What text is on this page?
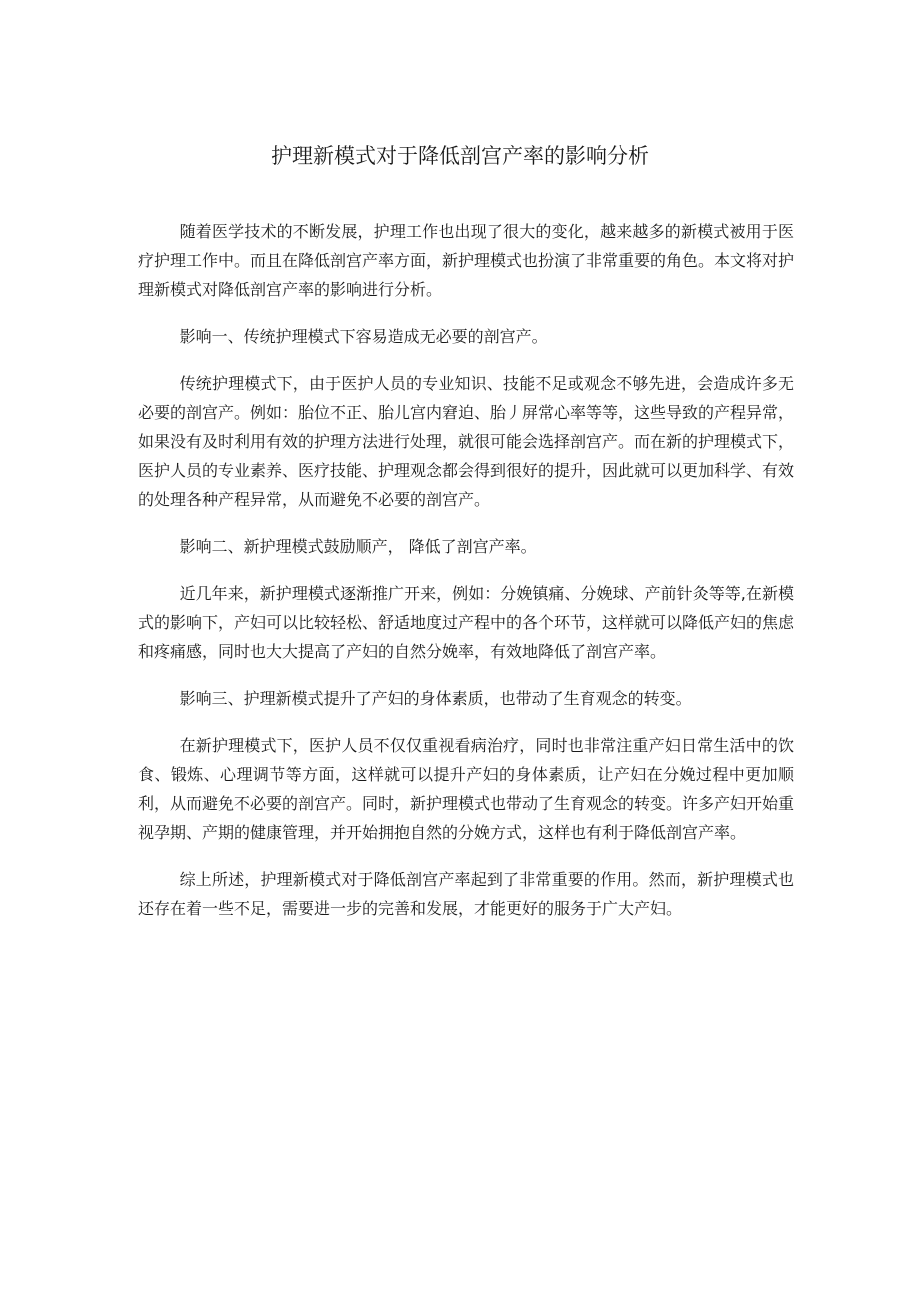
护理新模式对于降低剖宫产率的影响分析

随着医学技术的不断发展，护理工作也出现了很大的变化，越来越多的新模式被用于医疗护理工作中。而且在降低剖宫产率方面，新护理模式也扮演了非常重要的角色。本文将对护理新模式对降低剖宫产率的影响进行分析。

影响一、传统护理模式下容易造成无必要的剖宫产。

传统护理模式下，由于医护人员的专业知识、技能不足或观念不够先进，会造成许多无必要的剖宫产。例如：胎位不正、胎儿宫内窘迫、胎丿屏常心率等等，这些导致的产程异常，如果没有及时利用有效的护理方法进行处理，就很可能会选择剖宫产。而在新的护理模式下，医护人员的专业素养、医疗技能、护理观念都会得到很好的提升，因此就可以更加科学、有效的处理各种产程异常，从而避免不必要的剖宫产。

影响二、新护理模式鼓励顺产， 降低了剖宫产率。

近几年来，新护理模式逐渐推广开来，例如：分娩镇痛、分娩球、产前针灸等等,在新模式的影响下，产妇可以比较轻松、舒适地度过产程中的各个环节，这样就可以降低产妇的焦虑和疼痛感，同时也大大提高了产妇的自然分娩率，有效地降低了剖宫产率。

影响三、护理新模式提升了产妇的身体素质，也带动了生育观念的转变。

在新护理模式下，医护人员不仅仅重视看病治疗，同时也非常注重产妇日常生活中的饮食、锻炼、心理调节等方面，这样就可以提升产妇的身体素质，让产妇在分娩过程中更加顺利，从而避免不必要的剖宫产。同时，新护理模式也带动了生育观念的转变。许多产妇开始重视孕期、产期的健康管理，并开始拥抱自然的分娩方式，这样也有利于降低剖宫产率。

综上所述，护理新模式对于降低剖宫产率起到了非常重要的作用。然而，新护理模式也还存在着一些不足，需要进一步的完善和发展，才能更好的服务于广大产妇。
